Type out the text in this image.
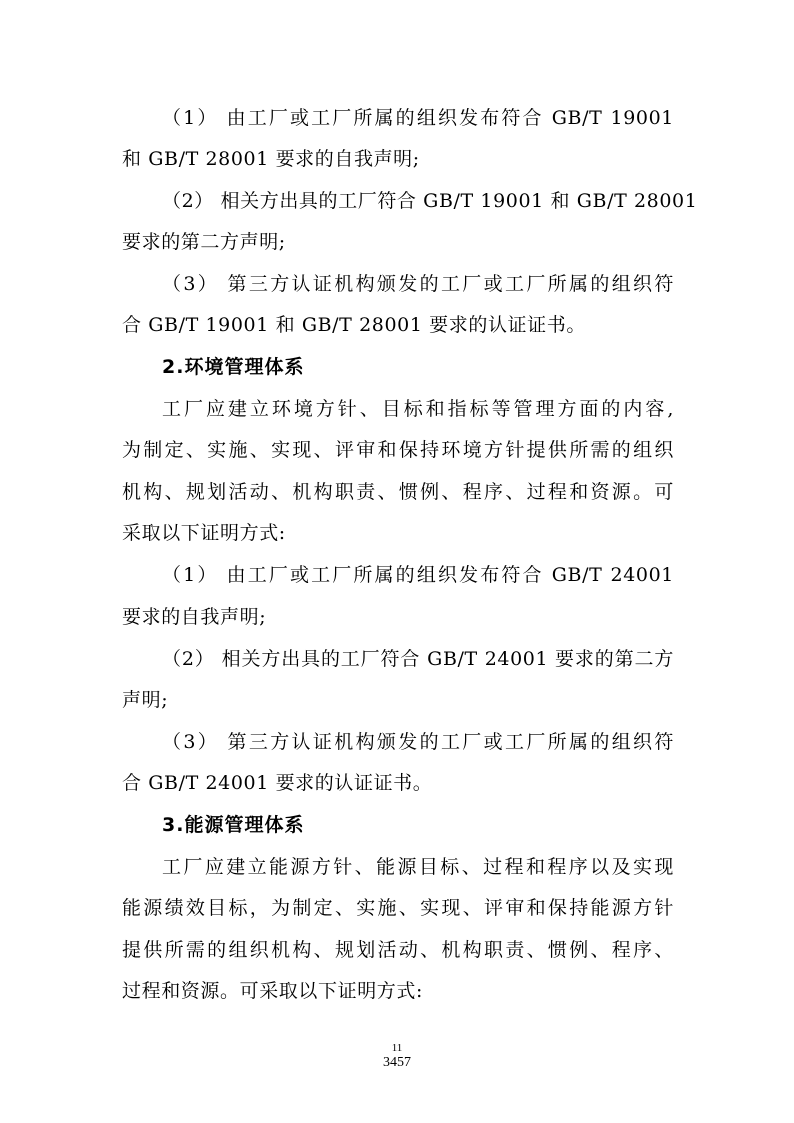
（1） 由工厂或工厂所属的组织发布符合 GB/T 19001
和 GB/T 28001 要求的自我声明;
（2） 相关方出具的工厂符合 GB/T 19001 和 GB/T 28001
要求的第二方声明;
（3） 第三方认证机构颁发的工厂或工厂所属的组织符
合 GB/T 19001 和 GB/T 28001 要求的认证证书。
2.环境管理体系
工厂应建立环境方针、目标和指标等管理方面的内容,
为制定、实施、实现、评审和保持环境方针提供所需的组织
机构、规划活动、机构职责、惯例、程序、过程和资源。可
采取以下证明方式:
（1） 由工厂或工厂所属的组织发布符合 GB/T 24001
要求的自我声明;
（2） 相关方出具的工厂符合 GB/T 24001 要求的第二方
声明;
（3） 第三方认证机构颁发的工厂或工厂所属的组织符
合 GB/T 24001 要求的认证证书。
3.能源管理体系
工厂应建立能源方针、能源目标、过程和程序以及实现
能源绩效目标，为制定、实施、实现、评审和保持能源方针
提供所需的组织机构、规划活动、机构职责、惯例、程序、
过程和资源。可采取以下证明方式:
11
3457
